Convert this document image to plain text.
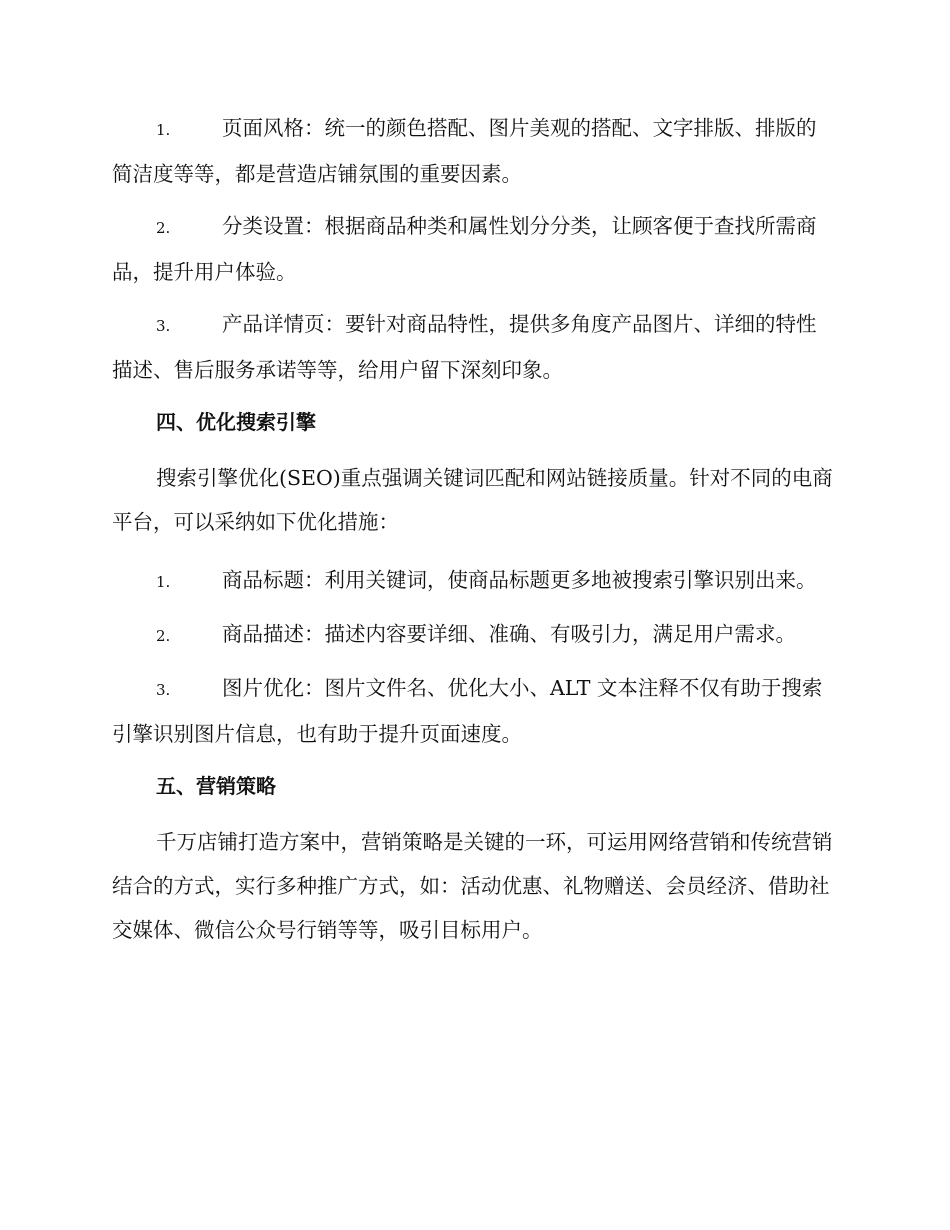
1.	页面风格：统一的颜色搭配、图片美观的搭配、文字排版、排版的简洁度等等，都是营造店铺氛围的重要因素。

2.	分类设置：根据商品种类和属性划分分类，让顾客便于查找所需商品，提升用户体验。

3.	产品详情页：要针对商品特性，提供多角度产品图片、详细的特性描述、售后服务承诺等等，给用户留下深刻印象。

四、优化搜索引擎

搜索引擎优化(SEO)重点强调关键词匹配和网站链接质量。针对不同的电商平台，可以采纳如下优化措施：

1.	商品标题：利用关键词，使商品标题更多地被搜索引擎识别出来。

2.	商品描述：描述内容要详细、准确、有吸引力，满足用户需求。

3.	图片优化：图片文件名、优化大小、ALT 文本注释不仅有助于搜索引擎识别图片信息，也有助于提升页面速度。

五、营销策略

千万店铺打造方案中，营销策略是关键的一环，可运用网络营销和传统营销结合的方式，实行多种推广方式，如：活动优惠、礼物赠送、会员经济、借助社交媒体、微信公众号行销等等，吸引目标用户。
